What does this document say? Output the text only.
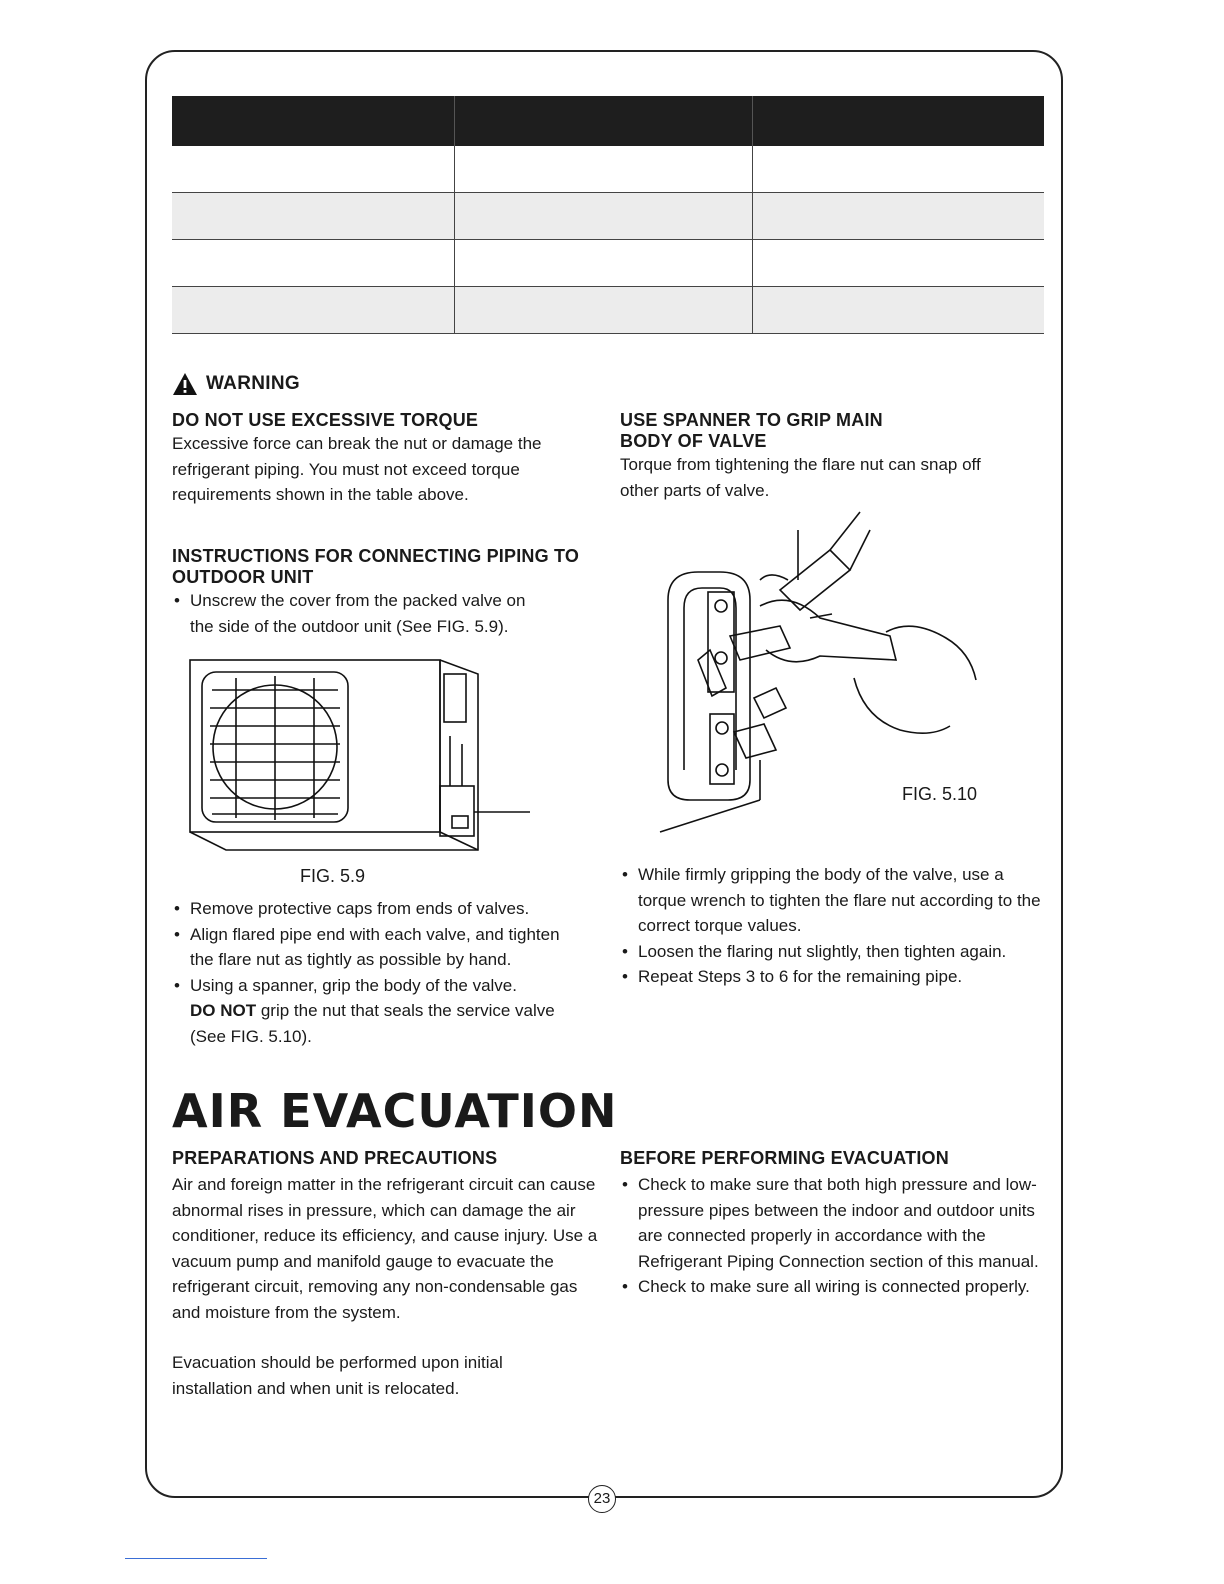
WARNING
DO NOT USE EXCESSIVE TORQUE

Excessive force can break the nut or damage the refrigerant piping. You must not exceed torque requirements shown in the table above.

USE SPANNER TO GRIP MAIN BODY OF VALVE

Torque from tightening the flare nut can snap off other parts of valve.

INSTRUCTIONS FOR CONNECTING PIPING TO OUTDOOR UNIT
• Unscrew the cover from the packed valve on the side of the outdoor unit (See FIG. 5.9).
FIG. 5.9
• Remove protective caps from ends of valves.
• Align flared pipe end with each valve, and tighten the flare nut as tightly as possible by hand.
• Using a spanner, grip the body of the valve.
DO NOT grip the nut that seals the service valve (See FIG. 5.10).
FIG. 5.10
• While firmly gripping the body of the valve, use a torque wrench to tighten the flare nut according to the correct torque values.
• Loosen the flaring nut slightly, then tighten again.
• Repeat Steps 3 to 6 for the remaining pipe.
AIR EVACUATION
PREPARATIONS AND PRECAUTIONS

Air and foreign matter in the refrigerant circuit can cause abnormal rises in pressure, which can damage the air conditioner, reduce its efficiency, and cause injury. Use a vacuum pump and manifold gauge to evacuate the refrigerant circuit, removing any non-condensable gas and moisture from the system.

Evacuation should be performed upon initial installation and when unit is relocated.

BEFORE PERFORMING EVACUATION
• Check to make sure that both high pressure and low-pressure pipes between the indoor and outdoor units are connected properly in accordance with the Refrigerant Piping Connection section of this manual.
• Check to make sure all wiring is connected properly.
23
